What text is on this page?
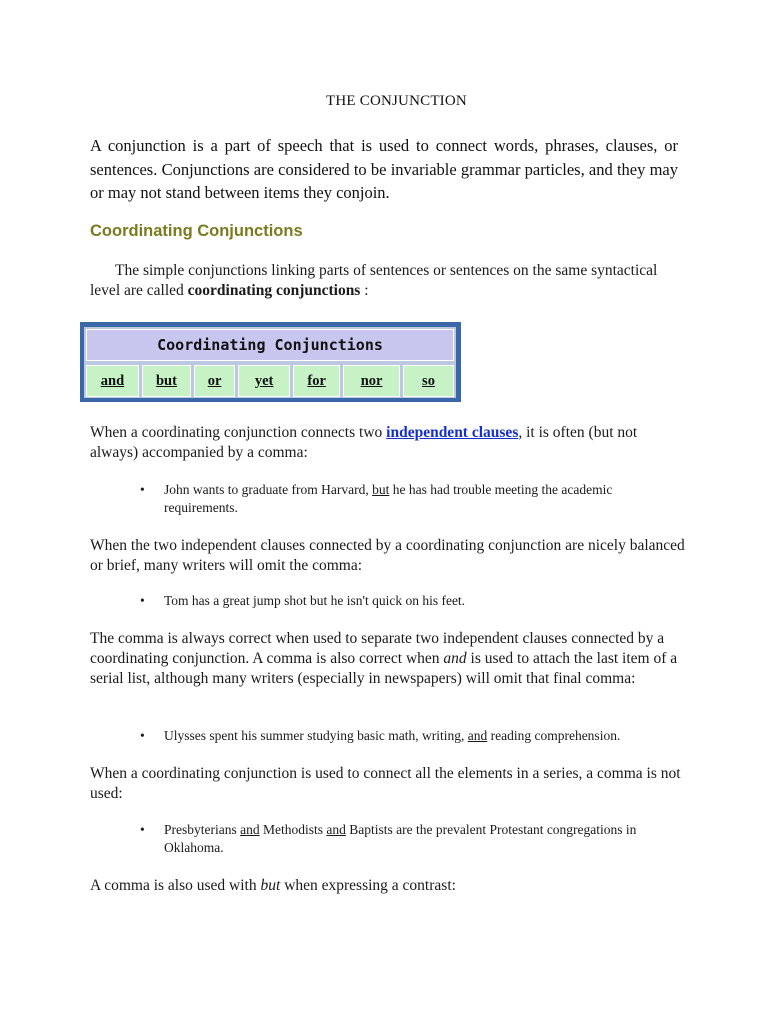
THE CONJUNCTION
A conjunction is a part of speech that is used to connect words, phrases, clauses, or sentences. Conjunctions are considered to be invariable grammar particles, and they may or may not stand between items they conjoin.
Coordinating Conjunctions
The simple conjunctions linking parts of sentences or sentences on the same syntactical level are called coordinating conjunctions :
Coordinating Conjunctions
and but or yet for nor	so
When a coordinating conjunction connects two independent clauses, it is often (but not always) accompanied by a comma:
•	John wants to graduate from Harvard, but he has had trouble meeting the academic requirements.
When the two independent clauses connected by a coordinating conjunction are nicely balanced or brief, many writers will omit the comma:
•	Tom has a great jump shot but he isn't quick on his feet.
The comma is always correct when used to separate two independent clauses connected by a coordinating conjunction. A comma is also correct when and is used to attach the last item of a serial list, although many writers (especially in newspapers) will omit that final comma:
•	Ulysses spent his summer studying basic math, writing, and reading comprehension.
When a coordinating conjunction is used to connect all the elements in a series, a comma is not used:
•	Presbyterians and Methodists and Baptists are the prevalent Protestant congregations in Oklahoma.
A comma is also used with but when expressing a contrast:
